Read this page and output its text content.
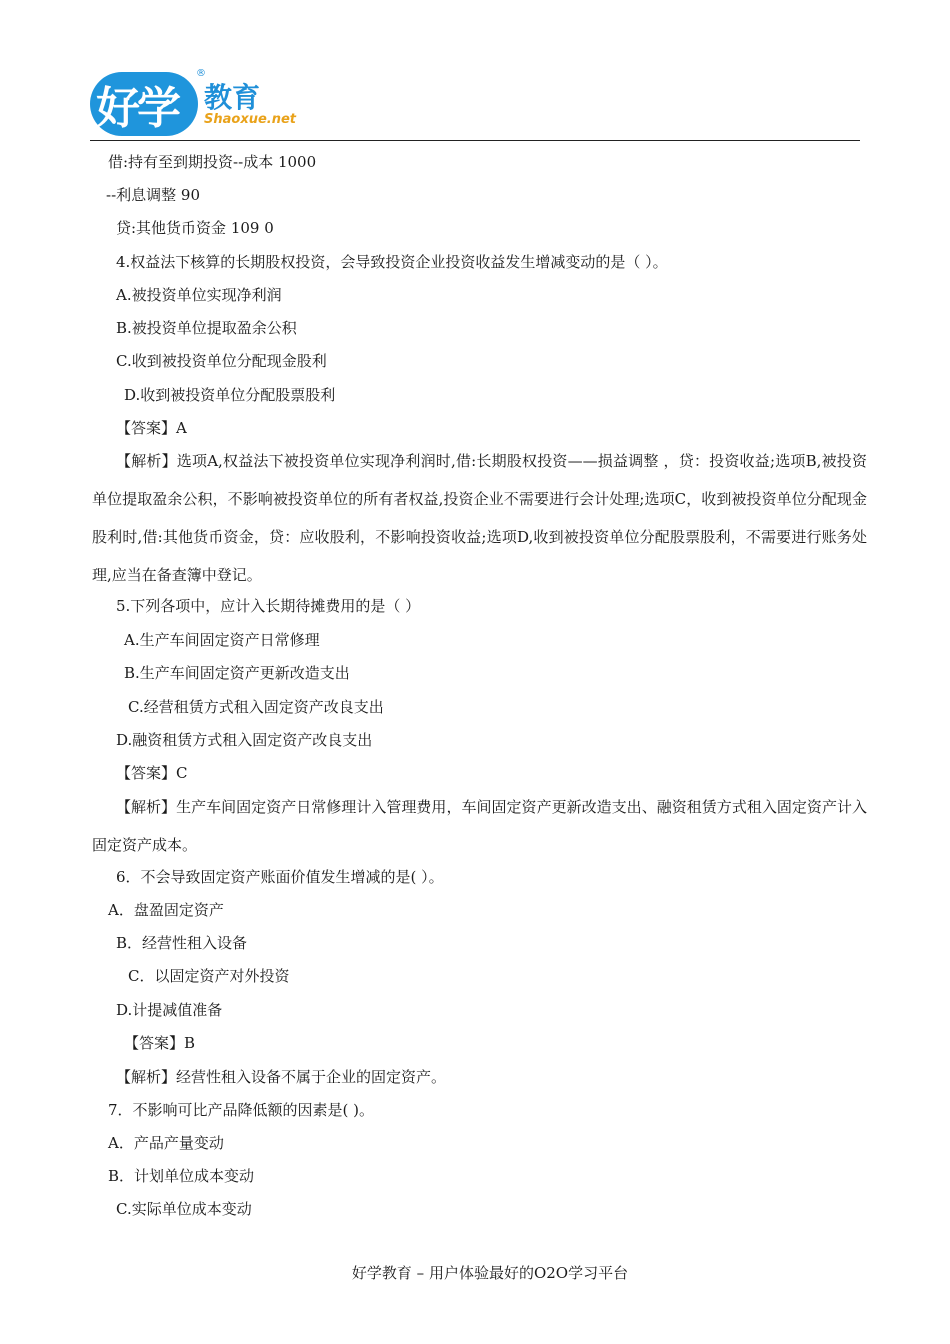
好学
®
教育
Shaoxue.net
借:持有至到期投资--成本 1000
--利息调整 90
贷:其他货币资金 109 0
4.权益法下核算的长期股权投资，会导致投资企业投资收益发生增减变动的是（ ）。
A.被投资单位实现净利润
B.被投资单位提取盈余公积
C.收到被投资单位分配现金股利
D.收到被投资单位分配股票股利
【答案】A
【解析】选项A,权益法下被投资单位实现净利润时,借:长期股权投资——损益调整 ，贷：投资收益;选项B,被投资单位提取盈余公积，不影响被投资单位的所有者权益,投资企业不需要进行会计处理;选项C，收到被投资单位分配现金股利时,借:其他货币资金，贷：应收股利，不影响投资收益;选项D,收到被投资单位分配股票股利，不需要进行账务处理,应当在备查簿中登记。
5.下列各项中，应计入长期待摊费用的是（ ）
A.生产车间固定资产日常修理
B.生产车间固定资产更新改造支出
C.经营租赁方式租入固定资产改良支出
D.融资租赁方式租入固定资产改良支出
【答案】C
【解析】生产车间固定资产日常修理计入管理费用，车间固定资产更新改造支出、融资租赁方式租入固定资产计入固定资产成本。
6．不会导致固定资产账面价值发生增减的是( ）。
A．盘盈固定资产
B．经营性租入设备
C．以固定资产对外投资
D.计提减值准备
【答案】B
【解析】经营性租入设备不属于企业的固定资产。
7．不影响可比产品降低额的因素是( )。
A．产品产量变动
B．计划单位成本变动
C.实际单位成本变动
好学教育 – 用户体验最好的O2O学习平台
